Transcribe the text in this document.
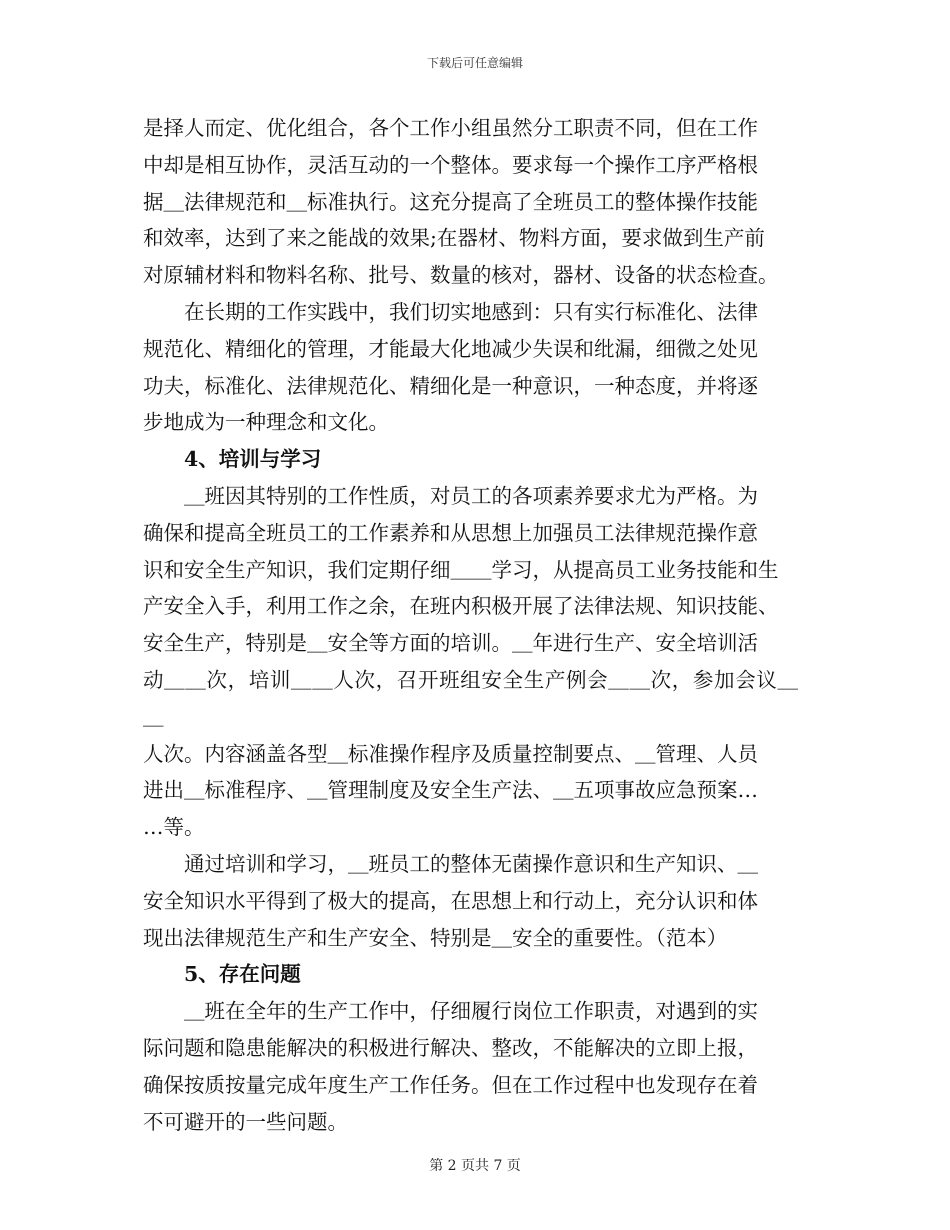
下载后可任意编辑

是择人而定、优化组合，各个工作小组虽然分工职责不同，但在工作

中却是相互协作，灵活互动的一个整体。要求每一个操作工序严格根

据＿法律规范和＿标准执行。这充分提高了全班员工的整体操作技能

和效率，达到了来之能战的效果;在器材、物料方面，要求做到生产前

对原辅材料和物料名称、批号、数量的核对，器材、设备的状态检查。

　　在长期的工作实践中，我们切实地感到：只有实行标准化、法律

规范化、精细化的管理，才能最大化地减少失误和纰漏，细微之处见

功夫，标准化、法律规范化、精细化是一种意识，一种态度，并将逐

步地成为一种理念和文化。

4、培训与学习

　　＿班因其特别的工作性质，对员工的各项素养要求尤为严格。为

确保和提高全班员工的工作素养和从思想上加强员工法律规范操作意

识和安全生产知识，我们定期仔细＿＿学习，从提高员工业务技能和生

产安全入手，利用工作之余，在班内积极开展了法律法规、知识技能、

安全生产，特别是＿安全等方面的培训。＿年进行生产、安全培训活

动＿＿次，培训＿＿人次，召开班组安全生产例会＿＿次，参加会议＿＿

人次。内容涵盖各型＿标准操作程序及质量控制要点、＿管理、人员

进出＿标准程序、＿管理制度及安全生产法、＿五项事故应急预案…

…等。

　　通过培训和学习，＿班员工的整体无菌操作意识和生产知识、＿

安全知识水平得到了极大的提高，在思想上和行动上，充分认识和体

现出法律规范生产和生产安全、特别是＿安全的重要性。（范本）

5、存在问题

　　＿班在全年的生产工作中，仔细履行岗位工作职责，对遇到的实

际问题和隐患能解决的积极进行解决、整改，不能解决的立即上报，

确保按质按量完成年度生产工作任务。但在工作过程中也发现存在着

不可避开的一些问题。

第 2 页共 7 页
